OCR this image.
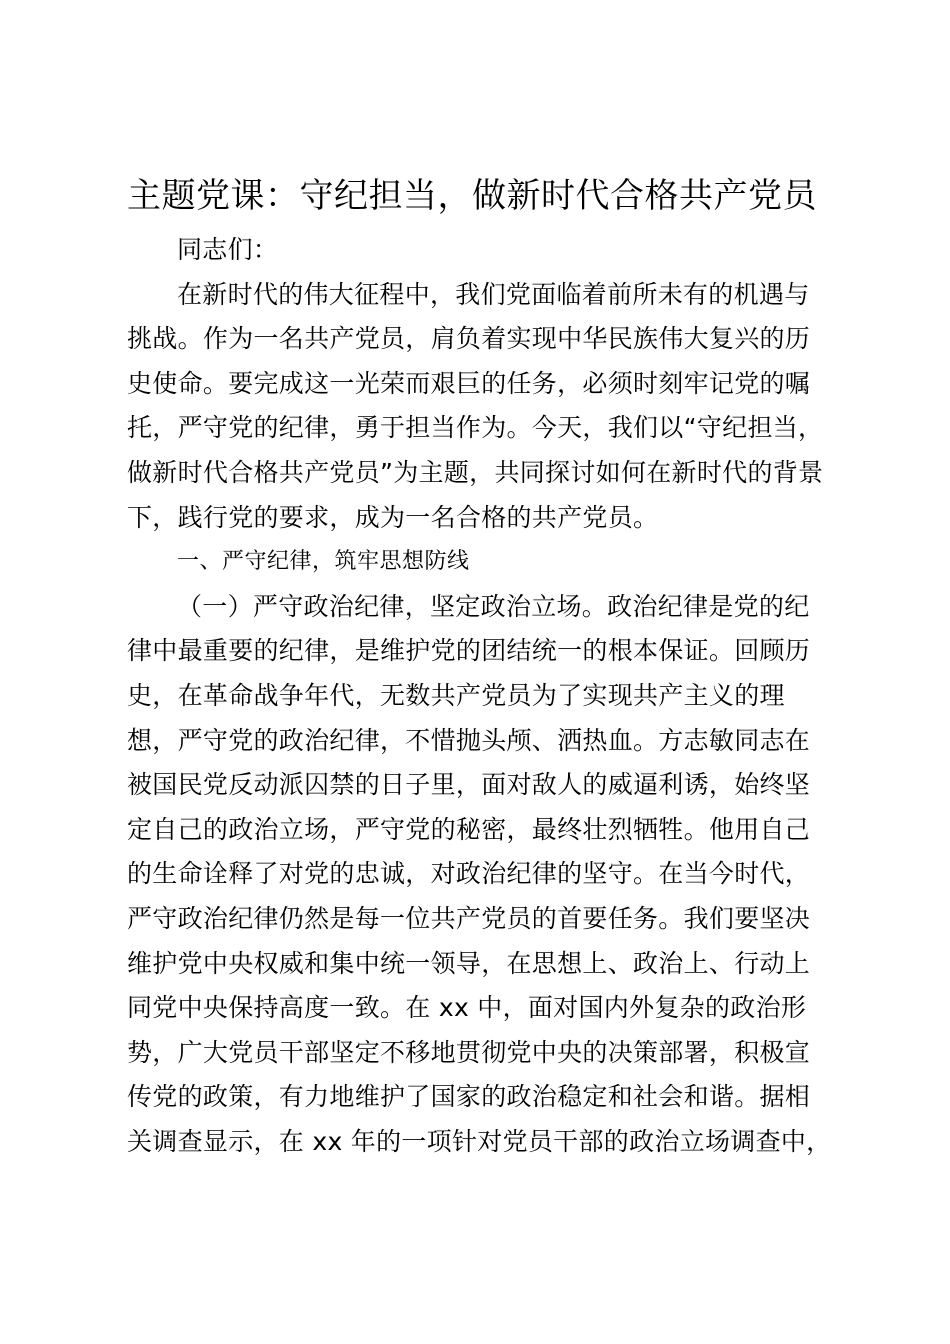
主题党课：守纪担当，做新时代合格共产党员

同志们：

在新时代的伟大征程中，我们党面临着前所未有的机遇与
挑战。作为一名共产党员，肩负着实现中华民族伟大复兴的历
史使命。要完成这一光荣而艰巨的任务，必须时刻牢记党的嘱
托，严守党的纪律，勇于担当作为。今天，我们以“守纪担当，
做新时代合格共产党员”为主题，共同探讨如何在新时代的背景
下，践行党的要求，成为一名合格的共产党员。

一、严守纪律，筑牢思想防线

（一）严守政治纪律，坚定政治立场。政治纪律是党的纪
律中最重要的纪律，是维护党的团结统一的根本保证。回顾历
史，在革命战争年代，无数共产党员为了实现共产主义的理
想，严守党的政治纪律，不惜抛头颅、洒热血。方志敏同志在
被国民党反动派囚禁的日子里，面对敌人的威逼利诱，始终坚
定自己的政治立场，严守党的秘密，最终壮烈牺牲。他用自己
的生命诠释了对党的忠诚，对政治纪律的坚守。在当今时代，
严守政治纪律仍然是每一位共产党员的首要任务。我们要坚决
维护党中央权威和集中统一领导，在思想上、政治上、行动上
同党中央保持高度一致。在 xx 中，面对国内外复杂的政治形
势，广大党员干部坚定不移地贯彻党中央的决策部署，积极宣
传党的政策，有力地维护了国家的政治稳定和社会和谐。据相
关调查显示，在 xx 年的一项针对党员干部的政治立场调查中，
